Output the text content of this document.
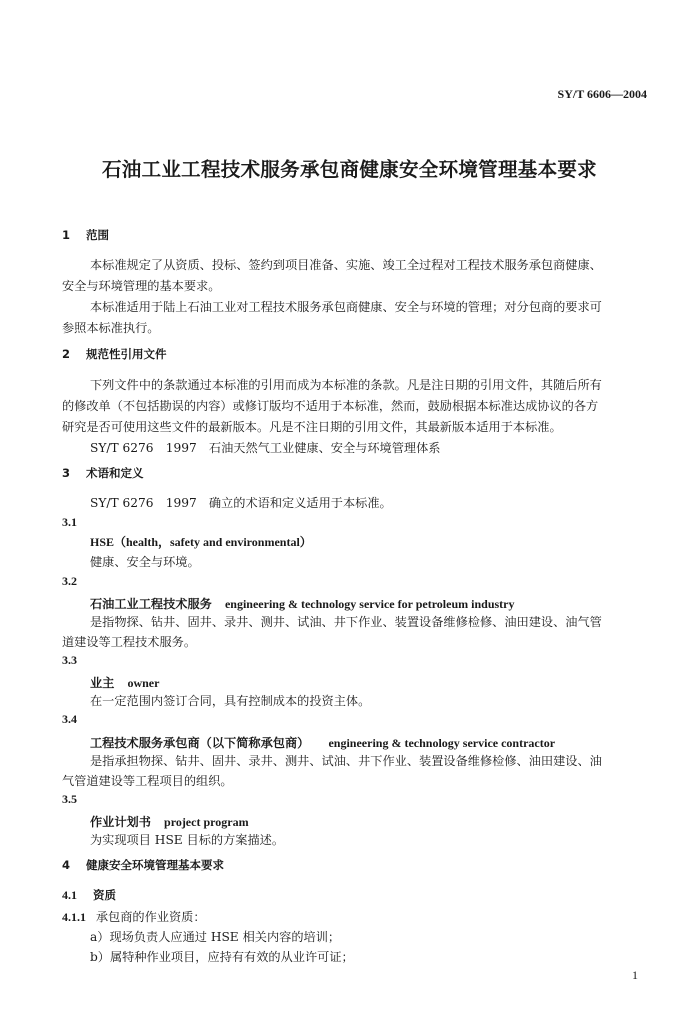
SY/T 6606—2004
石油工业工程技术服务承包商健康安全环境管理基本要求
1 范围
本标准规定了从资质、投标、签约到项目准备、实施、竣工全过程对工程技术服务承包商健康、
安全与环境管理的基本要求。
本标准适用于陆上石油工业对工程技术服务承包商健康、安全与环境的管理；对分包商的要求可
参照本标准执行。
2 规范性引用文件
下列文件中的条款通过本标准的引用而成为本标准的条款。凡是注日期的引用文件，其随后所有
的修改单（不包括勘误的内容）或修订版均不适用于本标准，然而，鼓励根据本标准达成协议的各方
研究是否可使用这些文件的最新版本。凡是不注日期的引用文件，其最新版本适用于本标准。
SY/T 6276　1997　石油天然气工业健康、安全与环境管理体系
3 术语和定义
SY/T 6276　1997　确立的术语和定义适用于本标准。
3.1
HSE（health，safety and environmental）
健康、安全与环境。
3.2
石油工业工程技术服务 engineering & technology service for petroleum industry
是指物探、钻井、固井、录井、测井、试油、井下作业、装置设备维修检修、油田建设、油气管
道建设等工程技术服务。
3.3
业主 owner
在一定范围内签订合同，具有控制成本的投资主体。
3.4
工程技术服务承包商（以下简称承包商） engineering & technology service contractor
是指承担物探、钻井、固井、录井、测井、试油、井下作业、装置设备维修检修、油田建设、油
气管道建设等工程项目的组织。
3.5
作业计划书 project program
为实现项目 HSE 目标的方案描述。
4 健康安全环境管理基本要求
4.1 资质
4.1.1 承包商的作业资质：
a）现场负责人应通过 HSE 相关内容的培训；
b）属特种作业项目，应持有有效的从业许可证；
1
